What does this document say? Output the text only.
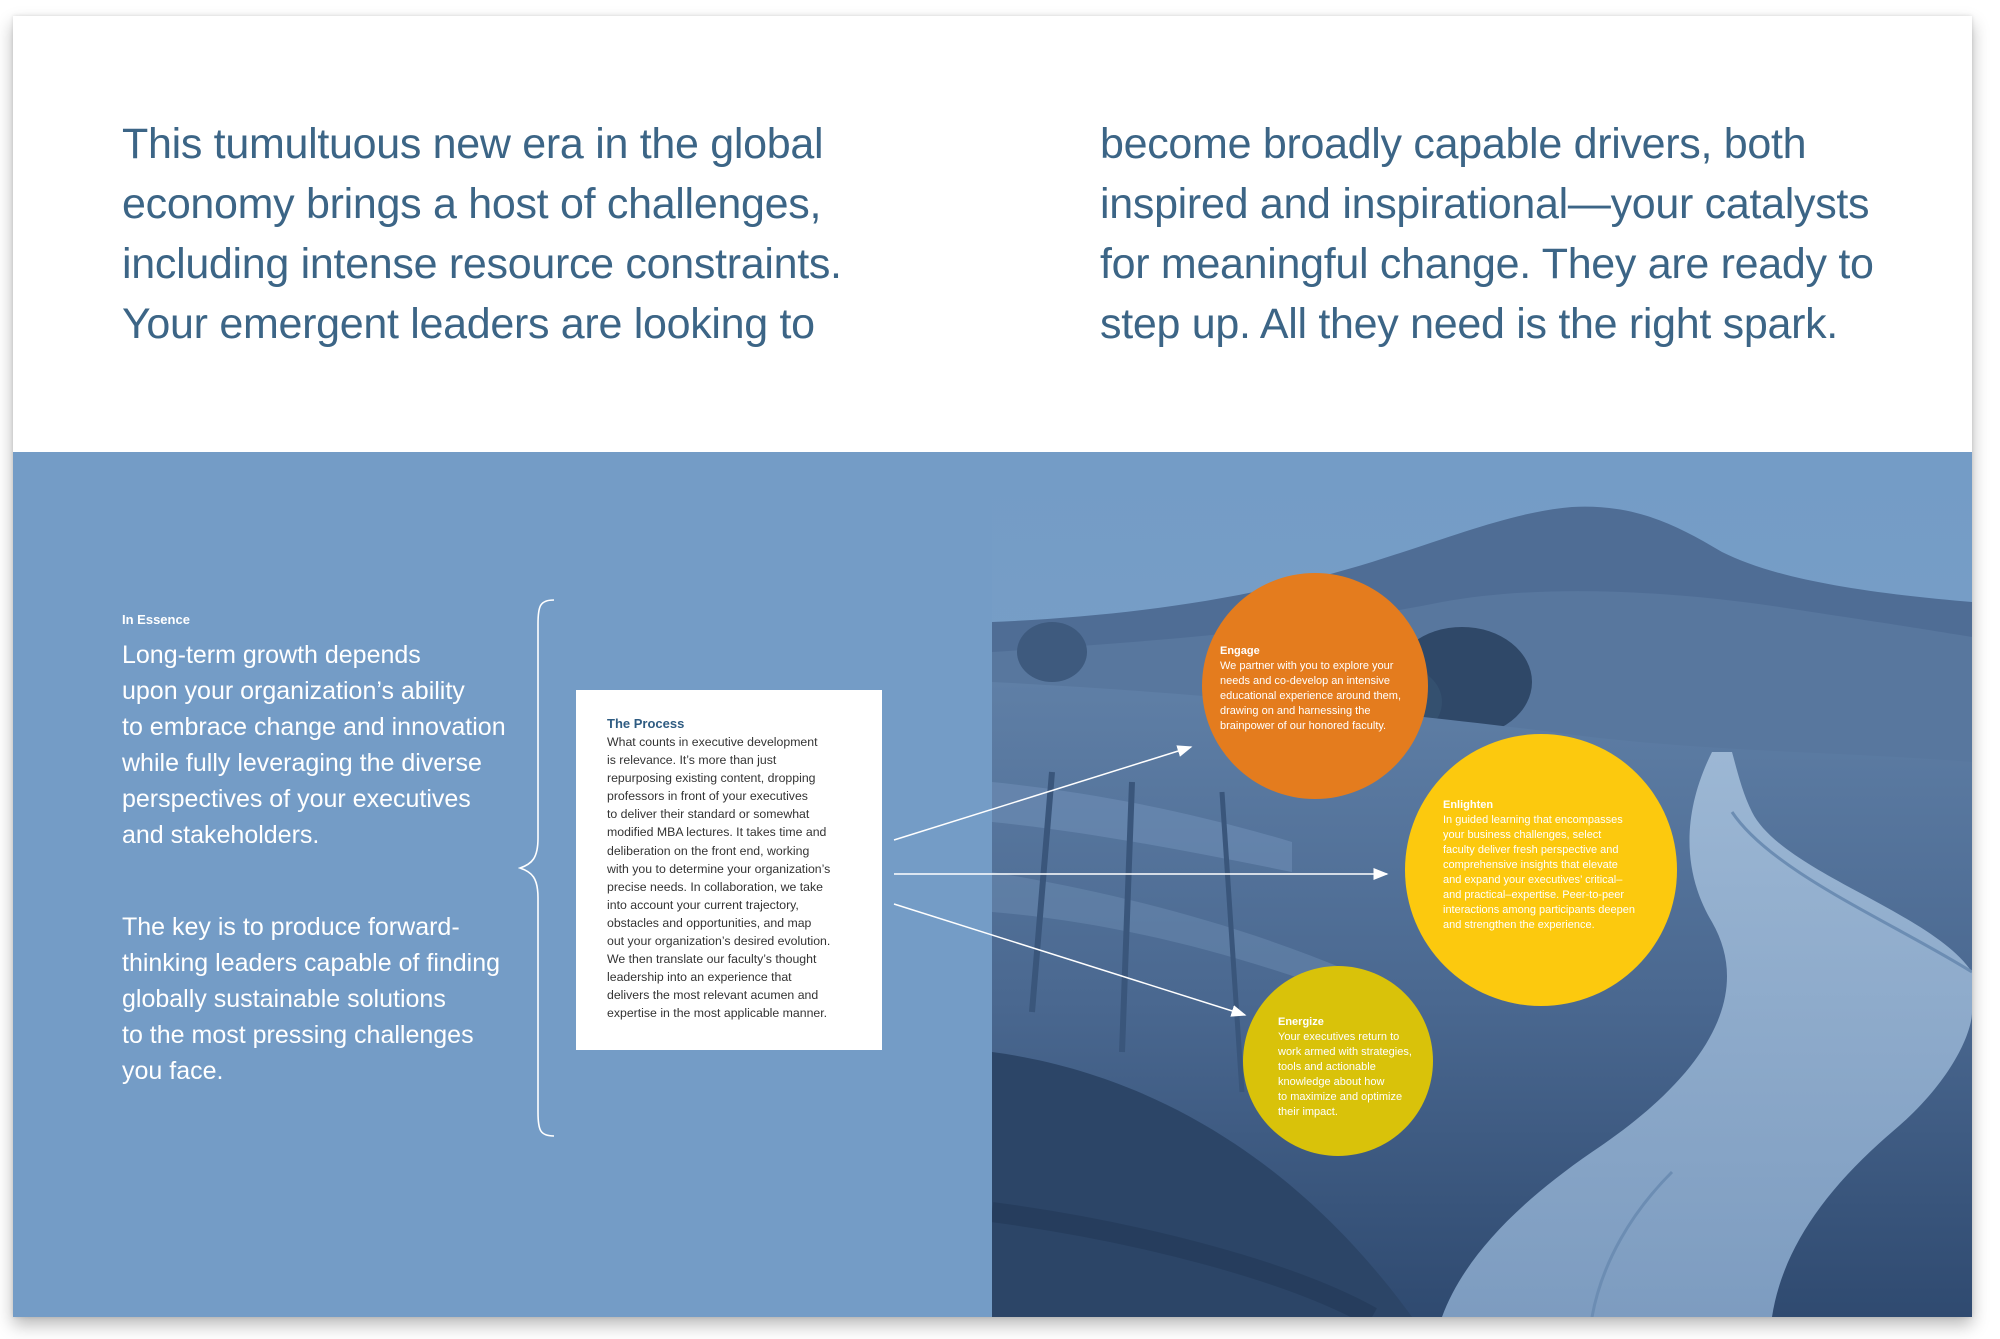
This tumultuous new era in the global
economy brings a host of challenges,
including intense resource constraints.
Your emergent leaders are looking to
become broadly capable drivers, both
inspired and inspirational—your catalysts
for meaningful change. They are ready to
step up. All they need is the right spark.
In Essence
Long-term growth depends
upon your organization’s ability
to embrace change and innovation
while fully leveraging the diverse
perspectives of your executives
and stakeholders.
The key is to produce forward-
thinking leaders capable of finding
globally sustainable solutions
to the most pressing challenges
you face.
The Process
What counts in executive development
is relevance. It’s more than just
repurposing existing content, dropping
professors in front of your executives
to deliver their standard or somewhat
modified MBA lectures. It takes time and
deliberation on the front end, working
with you to determine your organization’s
precise needs. In collaboration, we take
into account your current trajectory,
obstacles and opportunities, and map
out your organization’s desired evolution.
We then translate our faculty’s thought
leadership into an experience that
delivers the most relevant acumen and
expertise in the most applicable manner.
Engage
We partner with you to explore your
needs and co-develop an intensive
educational experience around them,
drawing on and harnessing the
brainpower of our honored faculty.
Enlighten
In guided learning that encompasses
your business challenges, select
faculty deliver fresh perspective and
comprehensive insights that elevate
and expand your executives’ critical–
and practical–expertise. Peer-to-peer
interactions among participants deepen
and strengthen the experience.
Energize
Your executives return to
work armed with strategies,
tools and actionable
knowledge about how
to maximize and optimize
their impact.
